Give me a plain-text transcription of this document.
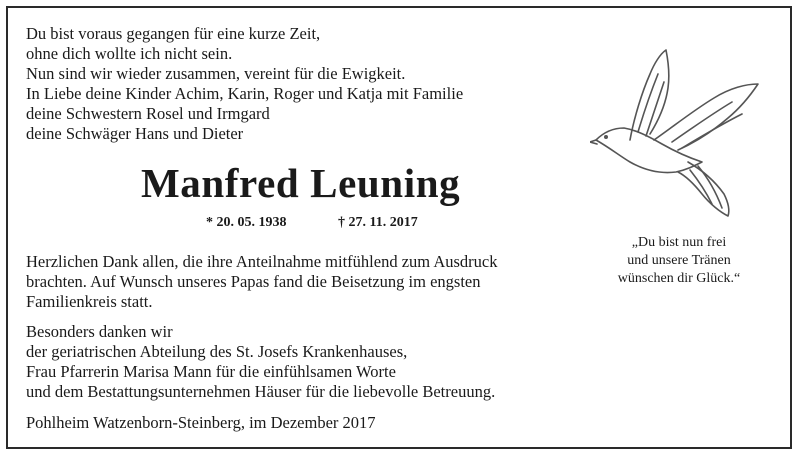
Du bist voraus gegangen für eine kurze Zeit,
ohne dich wollte ich nicht sein.
Nun sind wir wieder zusammen, vereint für die Ewigkeit.
In Liebe deine Kinder Achim, Karin, Roger und Katja mit Familie
deine Schwestern Rosel und Irmgard
deine Schwäger Hans und Dieter
Manfred Leuning
* 20. 05. 1938	† 27. 11. 2017
„Du bist nun frei
und unsere Tränen
wünschen dir Glück.“
Herzlichen Dank allen, die ihre Anteilnahme mitfühlend zum Ausdruck
brachten. Auf Wunsch unseres Papas fand die Beisetzung im engsten
Familienkreis statt.
Besonders danken wir
der geriatrischen Abteilung des St. Josefs Krankenhauses,
Frau Pfarrerin Marisa Mann für die einfühlsamen Worte
und dem Bestattungsunternehmen Häuser für die liebevolle Betreuung.
Pohlheim Watzenborn-Steinberg, im Dezember 2017
